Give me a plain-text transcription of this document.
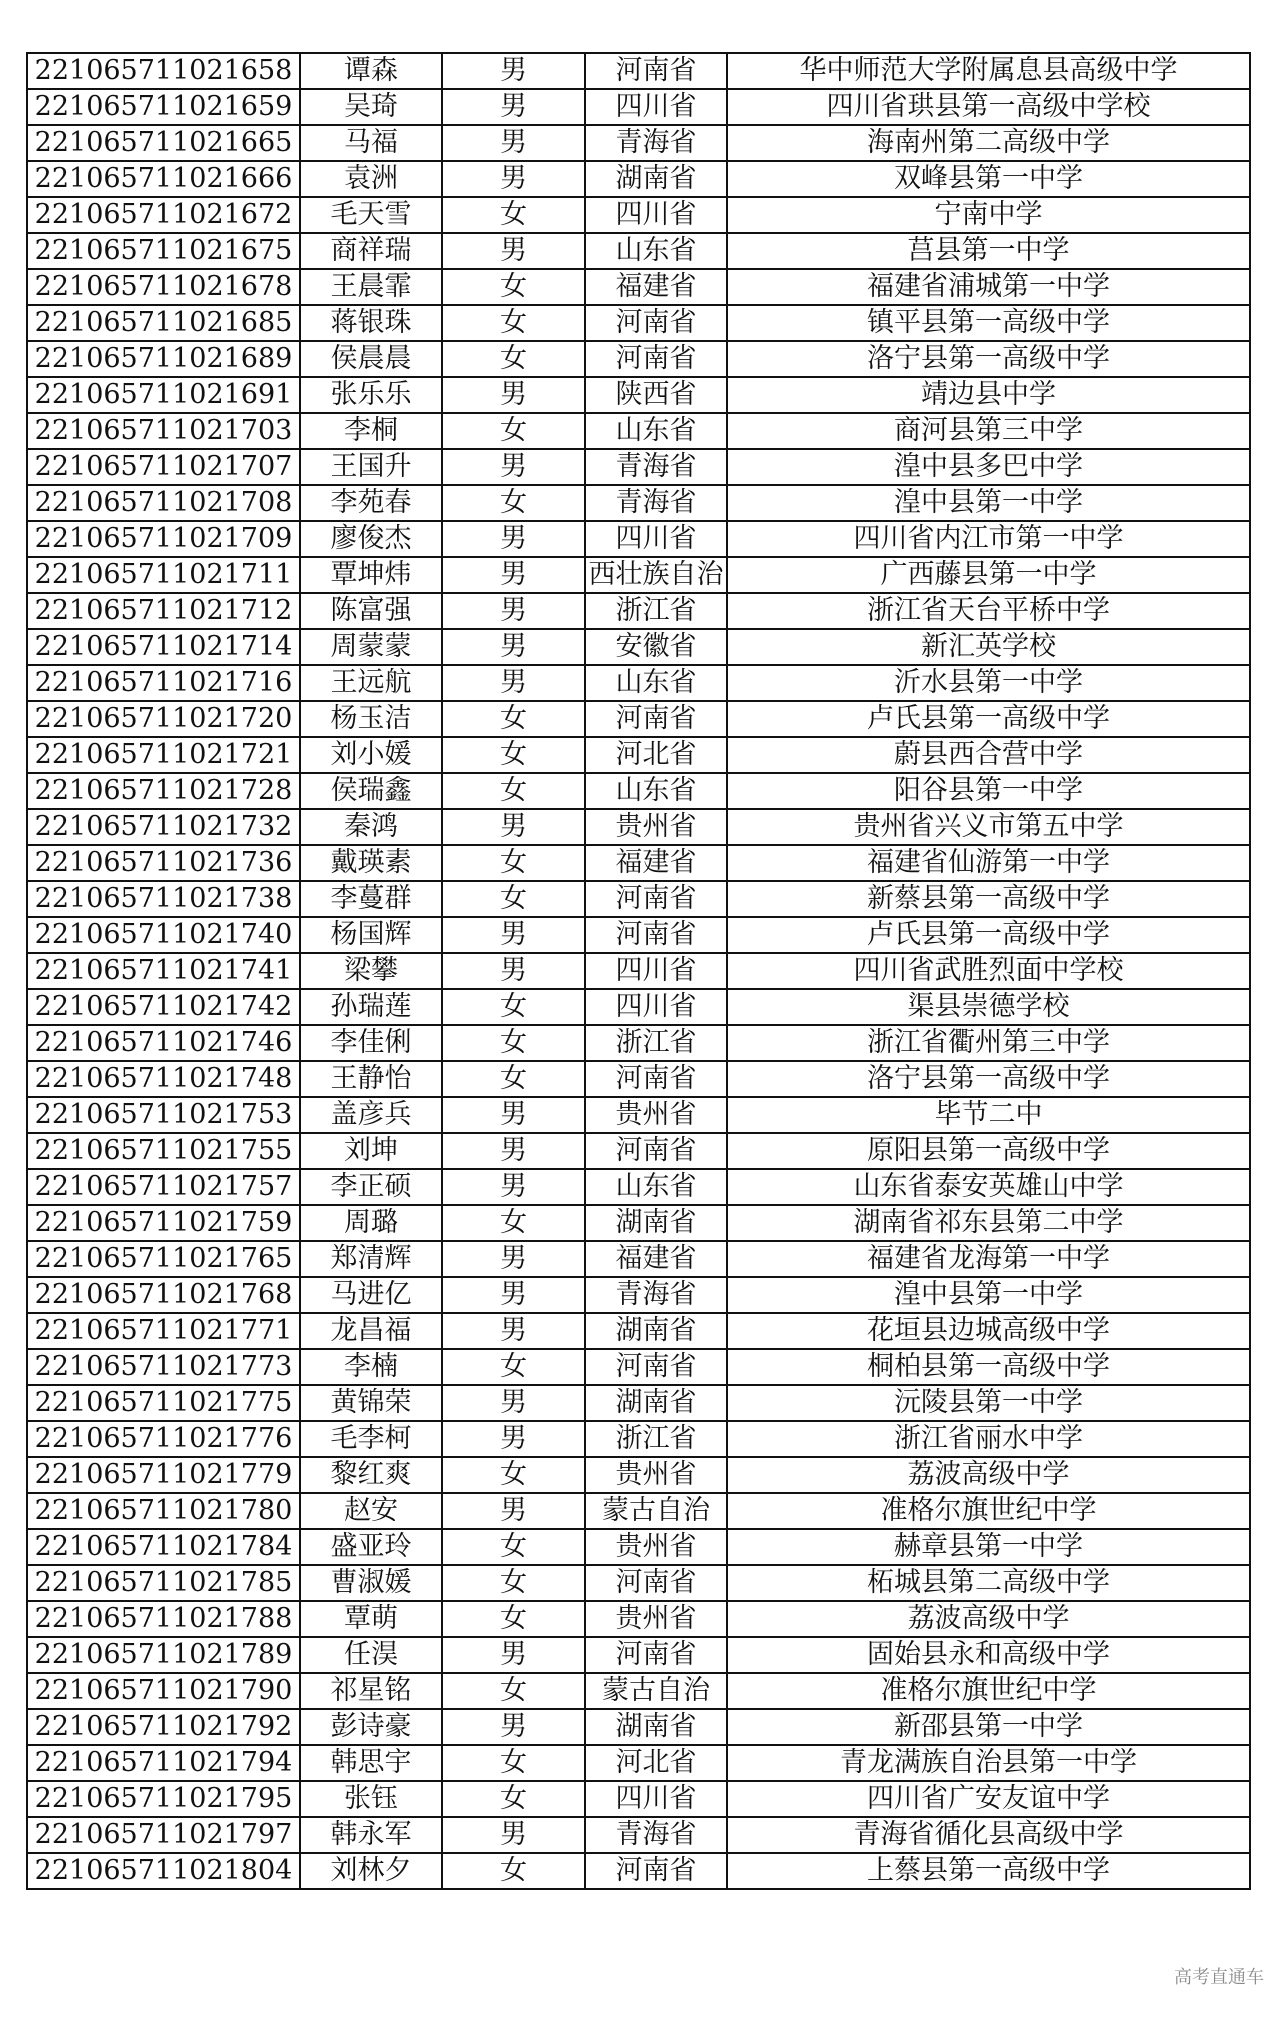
221065711021658	谭森	男	河南省	华中师范大学附属息县高级中学
221065711021659	吴琦	男	四川省	四川省珙县第一高级中学校
221065711021665	马福	男	青海省	海南州第二高级中学
221065711021666	袁洲	男	湖南省	双峰县第一中学
221065711021672	毛天雪	女	四川省	宁南中学
221065711021675	商祥瑞	男	山东省	莒县第一中学
221065711021678	王晨霏	女	福建省	福建省浦城第一中学
221065711021685	蒋银珠	女	河南省	镇平县第一高级中学
221065711021689	侯晨晨	女	河南省	洛宁县第一高级中学
221065711021691	张乐乐	男	陕西省	靖边县中学
221065711021703	李桐	女	山东省	商河县第三中学
221065711021707	王国升	男	青海省	湟中县多巴中学
221065711021708	李苑春	女	青海省	湟中县第一中学
221065711021709	廖俊杰	男	四川省	四川省内江市第一中学
221065711021711	覃坤炜	男	西壮族自治	广西藤县第一中学
221065711021712	陈富强	男	浙江省	浙江省天台平桥中学
221065711021714	周蒙蒙	男	安徽省	新汇英学校
221065711021716	王远航	男	山东省	沂水县第一中学
221065711021720	杨玉洁	女	河南省	卢氏县第一高级中学
221065711021721	刘小媛	女	河北省	蔚县西合营中学
221065711021728	侯瑞鑫	女	山东省	阳谷县第一中学
221065711021732	秦鸿	男	贵州省	贵州省兴义市第五中学
221065711021736	戴瑛素	女	福建省	福建省仙游第一中学
221065711021738	李蔓群	女	河南省	新蔡县第一高级中学
221065711021740	杨国辉	男	河南省	卢氏县第一高级中学
221065711021741	梁攀	男	四川省	四川省武胜烈面中学校
221065711021742	孙瑞莲	女	四川省	渠县崇德学校
221065711021746	李佳俐	女	浙江省	浙江省衢州第三中学
221065711021748	王静怡	女	河南省	洛宁县第一高级中学
221065711021753	盖彦兵	男	贵州省	毕节二中
221065711021755	刘坤	男	河南省	原阳县第一高级中学
221065711021757	李正硕	男	山东省	山东省泰安英雄山中学
221065711021759	周璐	女	湖南省	湖南省祁东县第二中学
221065711021765	郑清辉	男	福建省	福建省龙海第一中学
221065711021768	马进亿	男	青海省	湟中县第一中学
221065711021771	龙昌福	男	湖南省	花垣县边城高级中学
221065711021773	李楠	女	河南省	桐柏县第一高级中学
221065711021775	黄锦荣	男	湖南省	沅陵县第一中学
221065711021776	毛李柯	男	浙江省	浙江省丽水中学
221065711021779	黎红爽	女	贵州省	荔波高级中学
221065711021780	赵安	男	蒙古自治	准格尔旗世纪中学
221065711021784	盛亚玲	女	贵州省	赫章县第一中学
221065711021785	曹淑媛	女	河南省	柘城县第二高级中学
221065711021788	覃萌	女	贵州省	荔波高级中学
221065711021789	任淏	男	河南省	固始县永和高级中学
221065711021790	祁星铭	女	蒙古自治	准格尔旗世纪中学
221065711021792	彭诗豪	男	湖南省	新邵县第一中学
221065711021794	韩思宇	女	河北省	青龙满族自治县第一中学
221065711021795	张钰	女	四川省	四川省广安友谊中学
221065711021797	韩永军	男	青海省	青海省循化县高级中学
221065711021804	刘林夕	女	河南省	上蔡县第一高级中学
高考直通车
